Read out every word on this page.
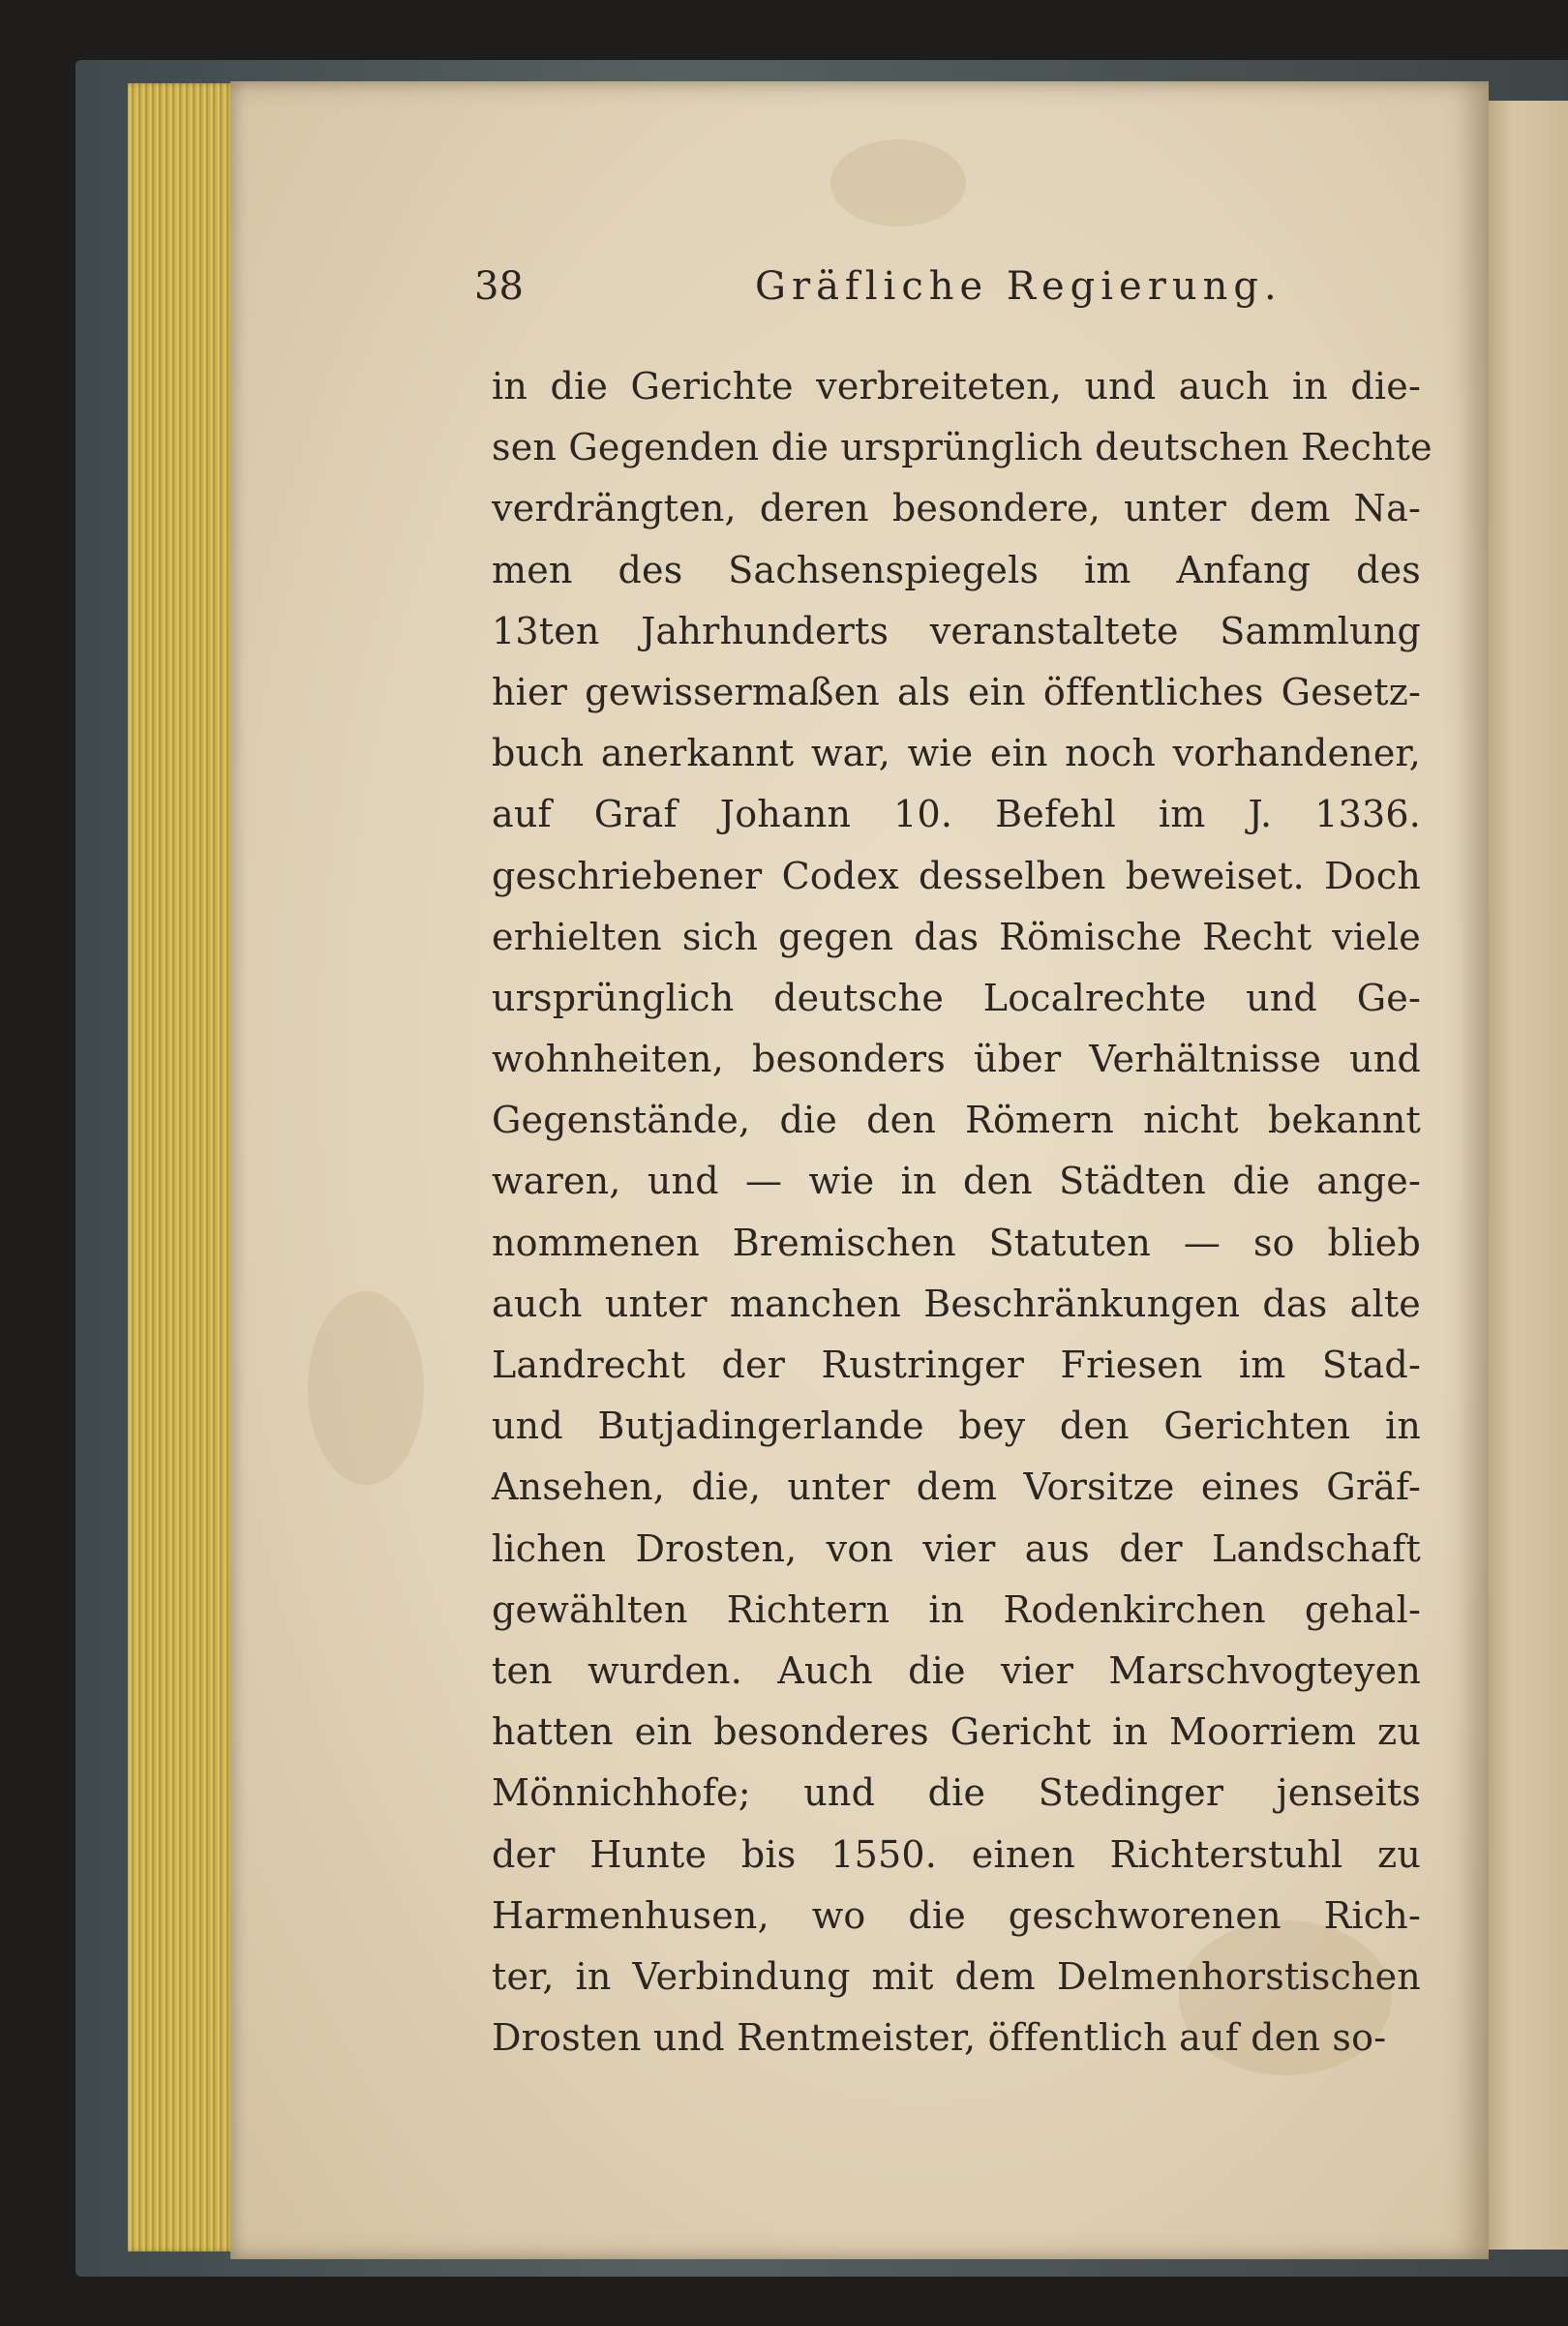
38	Gräfliche Regierung.
in die Gerichte verbreiteten, und auch in die-
sen Gegenden die ursprünglich deutschen Rechte
verdrängten, deren besondere, unter dem Na-
men des Sachsenspiegels im Anfang des
13ten Jahrhunderts veranstaltete Sammlung
hier gewissermaßen als ein öffentliches Gesetz-
buch anerkannt war, wie ein noch vorhandener,
auf Graf Johann 10. Befehl im J. 1336.
geschriebener Codex desselben beweiset. Doch
erhielten sich gegen das Römische Recht viele
ursprünglich deutsche Localrechte und Ge-
wohnheiten, besonders über Verhältnisse und
Gegenstände, die den Römern nicht bekannt
waren, und — wie in den Städten die ange-
nommenen Bremischen Statuten — so blieb
auch unter manchen Beschränkungen das alte
Landrecht der Rustringer Friesen im Stad-
und Butjadingerlande bey den Gerichten in
Ansehen, die, unter dem Vorsitze eines Gräf-
lichen Drosten, von vier aus der Landschaft
gewählten Richtern in Rodenkirchen gehal-
ten wurden. Auch die vier Marschvogteyen
hatten ein besonderes Gericht in Moorriem zu
Mönnichhofe; und die Stedinger jenseits
der Hunte bis 1550. einen Richterstuhl zu
Harmenhusen, wo die geschworenen Rich-
ter, in Verbindung mit dem Delmenhorstischen
Drosten und Rentmeister, öffentlich auf den so-
